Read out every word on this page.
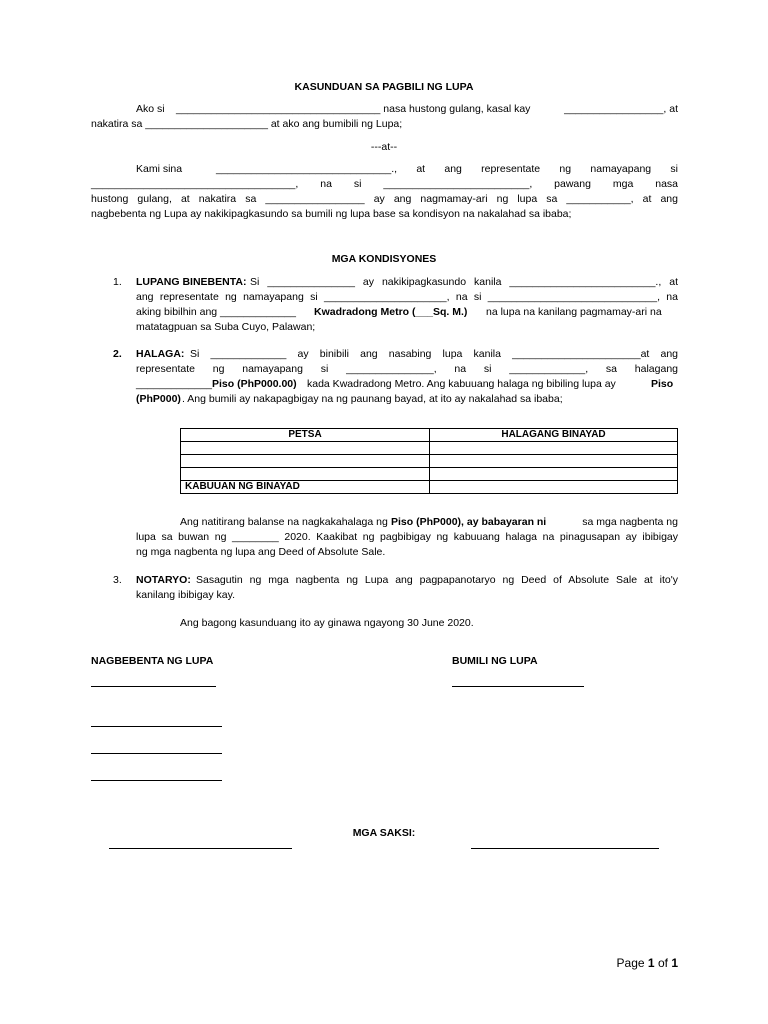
KASUNDUAN SA PAGBILI NG LUPA
Ako si ___________________________________ nasa hustong gulang, kasal kay	_________________, at
nakatira sa _____________________ at ako ang bumibili ng Lupa;
---at--
Kami sina	______________________________., at ang representate ng namayapang si
___________________________________, na si _________________________, pawang mga nasa
hustong gulang, at nakatira sa _________________ ay ang nagmamay-ari ng lupa sa ___________, at ang
nagbebenta ng Lupa ay nakikipagkasundo sa bumili ng lupa base sa kondisyon na nakalahad sa ibaba;
MGA KONDISYONES
1. LUPANG BINEBENTA: Si _______________ ay nakikipagkasundo kanila _________________________., at
ang representate ng namayapang si _____________________, na si _____________________________, na
aking bibilhin ang _____________ Kwadradong Metro (___Sq. M.) na lupa na kanilang pagmamay-ari na
matatagpuan sa Suba Cuyo, Palawan;
2. HALAGA: Si _____________ ay binibili ang nasabing lupa kanila ______________________at ang
representate ng namayapang si _______________, na si _____________, sa halagang
_____________ Piso (PhP000.00) kada Kwadradong Metro. Ang kabuuang halaga ng bibiling lupa ay	Piso
(PhP000) . Ang bumili ay nakapagbigay na ng paunang bayad, at ito ay nakalahad sa ibaba;
PETSA	HALAGANG BINAYAD

KABUUAN NG BINAYAD	
Ang natitirang balanse na nagkakahalaga ng Piso (PhP000), ay babayaran ni	sa mga nagbenta ng
lupa sa buwan ng ________ 2020. Kaakibat ng pagbibigay ng kabuuang halaga na pinagusapan ay ibibigay
ng mga nagbenta ng lupa ang Deed of Absolute Sale.
3. NOTARYO: Sasagutin ng mga nagbenta ng Lupa ang pagpapanotaryo ng Deed of Absolute Sale at ito'y
kanilang ibibigay kay.
Ang bagong kasunduang ito ay ginawa ngayong 30 June 2020.
NAGBEBENTA NG LUPA	BUMILI NG LUPA
MGA SAKSI:
Page 1 of 1
